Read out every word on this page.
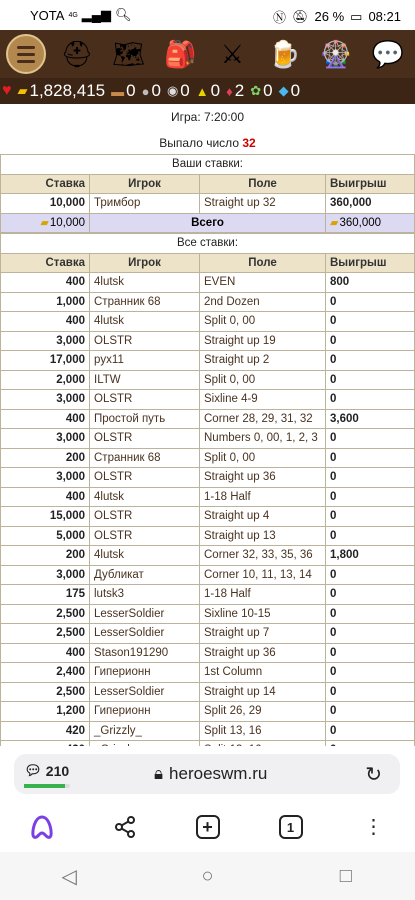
YOTA 4G ▂▄▆ 🔍︎	Ⓝ 🔕︎ 26 % ▭ 08:21
⛑ 🗺 🎒 ⚔ 🍺 🎡 💬
♥ ▰ 1,828,415 ▬ 0 ● 0 ◉ 0 ▲ 0 ♦ 2 ✿ 0 ◆ 0
Игра: 7:20:00
Выпало число 32
Ваши ставки:			
Ставка	Игрок	Поле	Выигрыш
10,000	Тримбор	Straight up 32	360,000
▰10,000	Всего		▰360,000
Все ставки:			
Ставка	Игрок	Поле	Выигрыш
400	4lutsk	EVEN	800
1,000	Странник 68	2nd Dozen	0
400	4lutsk	Split 0, 00	0
3,000	OLSTR	Straight up 19	0
17,000	pyx11	Straight up 2	0
2,000	ILTW	Split 0, 00	0
3,000	OLSTR	Sixline 4-9	0
400	Простой путь	Corner 28, 29, 31, 32	3,600
3,000	OLSTR	Numbers 0, 00, 1, 2, 3	0
200	Странник 68	Split 0, 00	0
3,000	OLSTR	Straight up 36	0
400	4lutsk	1-18 Half	0
15,000	OLSTR	Straight up 4	0
5,000	OLSTR	Straight up 13	0
200	4lutsk	Corner 32, 33, 35, 36	1,800
3,000	Дубликат	Corner 10, 11, 13, 14	0
175	lutsk3	1-18 Half	0
2,500	LesserSoldier	Sixline 10-15	0
2,500	LesserSoldier	Straight up 7	0
400	Stason191290	Straight up 36	0
2,400	Гиперионн	1st Column	0
2,500	LesserSoldier	Straight up 14	0
1,200	Гиперионн	Split 26, 29	0
420	_Grizzly_	Split 13, 16	0

💬︎ 210	🔒︎ heroeswm.ru	↻
+	1	⋮
◁	○	□
